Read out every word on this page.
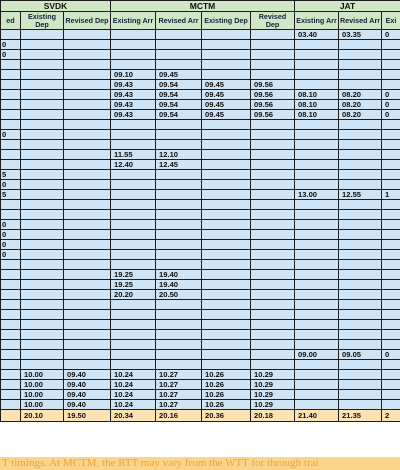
SVDK			MCTM				JAT		
ed	Existing Dep	Revised Dep	Existing Arr	Revised Arr	Existing Dep	Revised Dep	Existing Arr	Revised Arr	Exi
							03.40	03.35	0
0									
0									

			09.10	09.45					
			09.43	09.54	09.45	09.56			
			09.43	09.54	09.45	09.56	08.10	08.20	0
			09.43	09.54	09.45	09.56	08.10	08.20	0
			09.43	09.54	09.45	09.56	08.10	08.20	0

0									

			11.55	12.10					
			12.40	12.45					
5									
0									
5							13.00	12.55	1

0									
0									
0									
0									

			19.25	19.40					
			19.25	19.40					
			20.20	20.50					

							09.00	09.05	0

	10.00	09.40	10.24	10.27	10.26	10.29			
	10.00	09.40	10.24	10.27	10.26	10.29			
	10.00	09.40	10.24	10.27	10.26	10.29			
	10.00	09.40	10.24	10.27	10.26	10.29			
	20.10	19.50	20.34	20.16	20.36	20.18	21.40	21.35	2
T timings. At MCTM, the RTT may vary from the WTT for through trai
